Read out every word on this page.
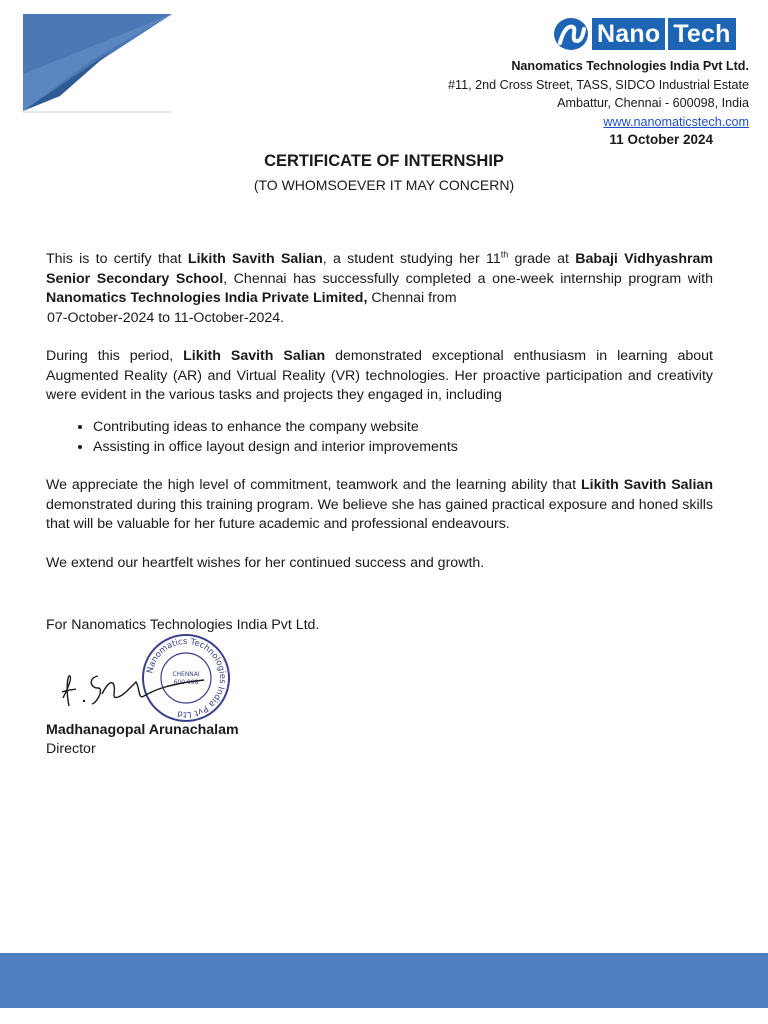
Nano Tech
Nanomatics Technologies India Pvt Ltd.
#11, 2nd Cross Street, TASS, SIDCO Industrial Estate
Ambattur, Chennai - 600098, India
www.nanomaticstech.com
11 October 2024
CERTIFICATE OF INTERNSHIP
(TO WHOMSOEVER IT MAY CONCERN)

This is to certify that Likith Savith Salian, a student studying her 11th grade at Babaji Vidhyashram Senior Secondary School, Chennai has successfully completed a one-week internship program with Nanomatics Technologies India Private Limited, Chennai from

07-October-2024 to 11-October-2024.

During this period, Likith Savith Salian demonstrated exceptional enthusiasm in learning about Augmented Reality (AR) and Virtual Reality (VR) technologies. Her proactive participation and creativity were evident in the various tasks and projects they engaged in, including

• Contributing ideas to enhance the company website
• Assisting in office layout design and interior improvements

We appreciate the high level of commitment, teamwork and the learning ability that Likith Savith Salian demonstrated during this training program. We believe she has gained practical exposure and honed skills that will be valuable for her future academic and professional endeavours.

We extend our heartfelt wishes for her continued success and growth.

For Nanomatics Technologies India Pvt Ltd.
Nanomatics Technologies India Pvt Ltd
CHENNAI
600 098
Madhanagopal Arunachalam
Director
